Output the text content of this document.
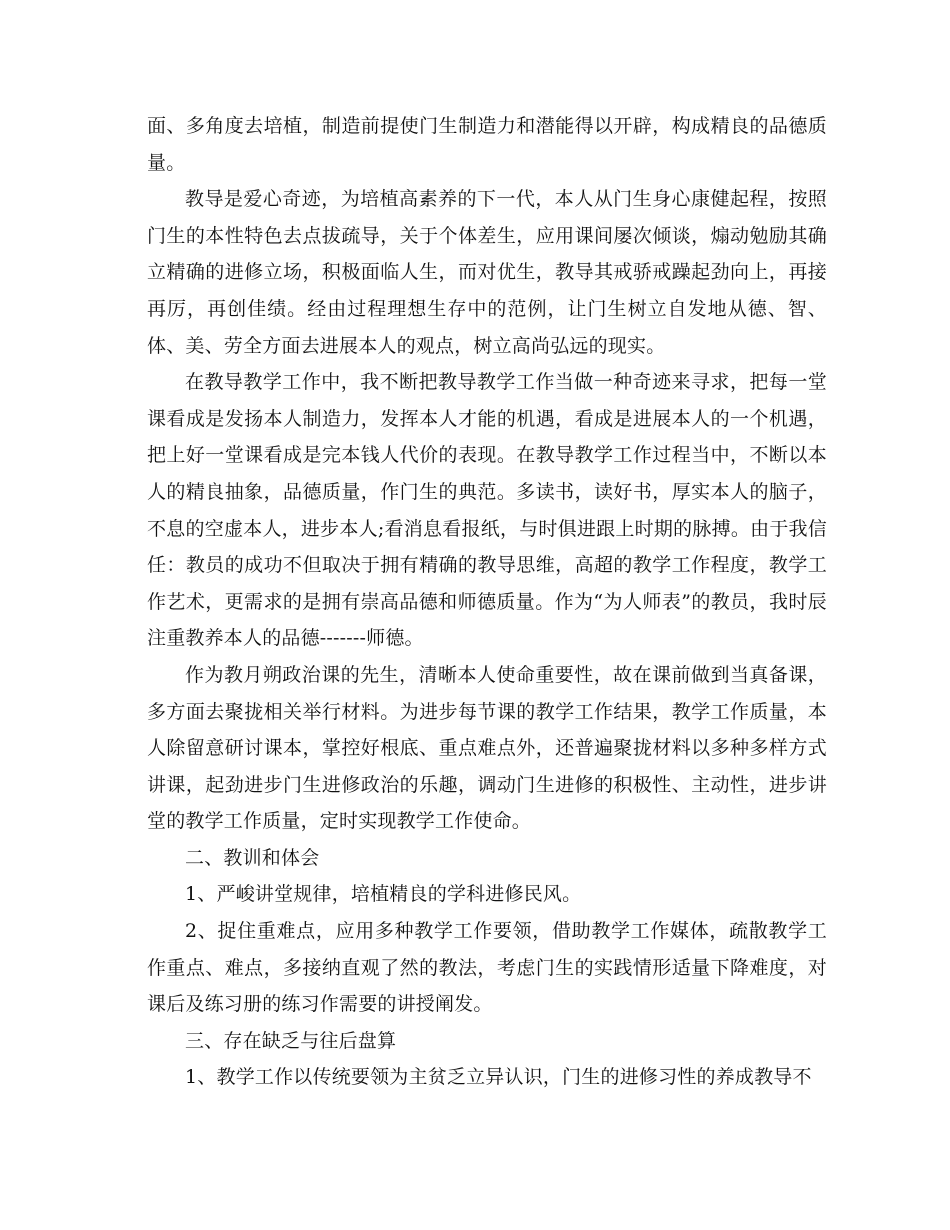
面、多角度去培植，制造前提使门生制造力和潜能得以开辟，构成精良的品德质量。

教导是爱心奇迹，为培植高素养的下一代，本人从门生身心康健起程，按照门生的本性特色去点拔疏导，关于个体差生，应用课间屡次倾谈，煽动勉励其确立精确的进修立场，积极面临人生，而对优生，教导其戒骄戒躁起劲向上，再接再厉，再创佳绩。经由过程理想生存中的范例，让门生树立自发地从德、智、体、美、劳全方面去进展本人的观点，树立高尚弘远的现实。

在教导教学工作中，我不断把教导教学工作当做一种奇迹来寻求，把每一堂课看成是发扬本人制造力，发挥本人才能的机遇，看成是进展本人的一个机遇，把上好一堂课看成是完本钱人代价的表现。在教导教学工作过程当中，不断以本人的精良抽象，品德质量，作门生的典范。多读书，读好书，厚实本人的脑子，不息的空虚本人，进步本人;看消息看报纸，与时俱进跟上时期的脉搏。由于我信任：教员的成功不但取决于拥有精确的教导思维，高超的教学工作程度，教学工作艺术，更需求的是拥有崇高品德和师德质量。作为“为人师表”的教员，我时辰注重教养本人的品德-------师德。

作为教月朔政治课的先生，清晰本人使命重要性，故在课前做到当真备课，多方面去聚拢相关举行材料。为进步每节课的教学工作结果，教学工作质量，本人除留意研讨课本，掌控好根底、重点难点外，还普遍聚拢材料以多种多样方式讲课，起劲进步门生进修政治的乐趣，调动门生进修的积极性、主动性，进步讲堂的教学工作质量，定时实现教学工作使命。

二、教训和体会

1、严峻讲堂规律，培植精良的学科进修民风。

2、捉住重难点，应用多种教学工作要领，借助教学工作媒体，疏散教学工作重点、难点，多接纳直观了然的教法，考虑门生的实践情形适量下降难度，对课后及练习册的练习作需要的讲授阐发。

三、存在缺乏与往后盘算

1、教学工作以传统要领为主贫乏立异认识，门生的进修习性的养成教导不
